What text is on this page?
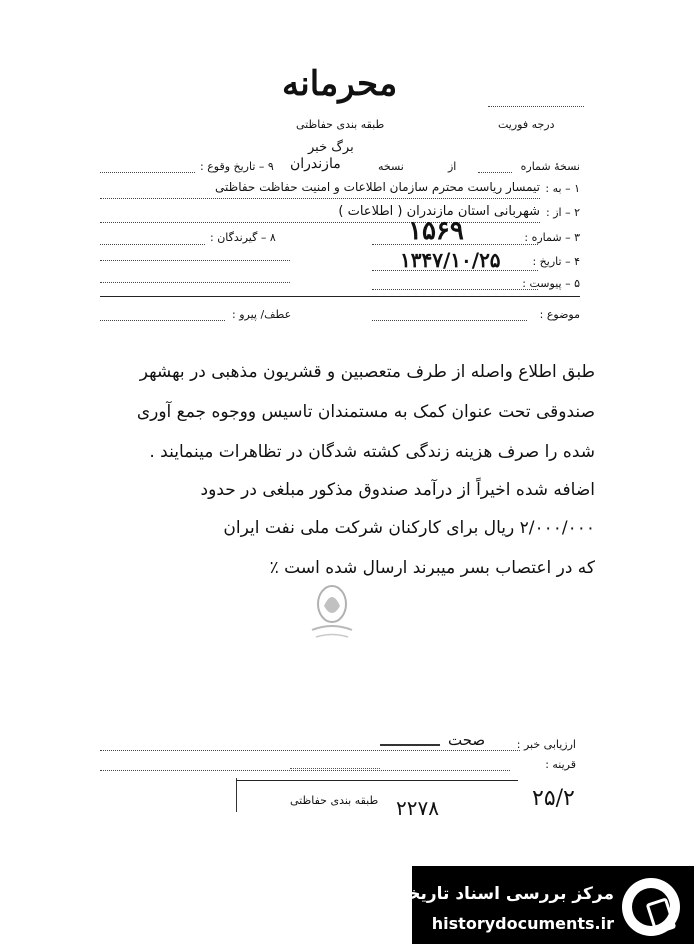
محرمانه
طبقه بندی حفاظتی	درجه فوریت
برگ خبر
نسخهٔ شماره
از
نسخه
مازندران
۹ – تاریخ وقوع :
۱ – به :
تیمسار ریاست محترم سازمان اطلاعات و امنیت حفاظت حفاظتی
۲ – از :
شهربانی استان مازندران ( اطلاعات )
۳ – شماره :
۱۵۶۹
۸ – گیرندگان :
۴ – تاریخ :
۱۳۴۷/۱۰/۲۵
۵ – پیوست :
موضوع :
عطف/ پیرو :
طبق اطلاع واصله از طرف متعصبین و قشریون مذهبی در بهشهر
صندوقی تحت عنوان کمک به مستمندان تاسیس ووجوه جمع آوری
شده را صرف هزینه زندگی کشته شدگان در تظاهرات مینمایند .
اضافه شده اخیراً از درآمد صندوق مذکور مبلغی در حدود
۲/۰۰۰/۰۰۰ ریال برای کارکنان شرکت ملی نفت ایران
که در اعتصاب بسر میبرند ارسال شده است ٪
ارزیابی خبر :
صحت
قرینه :
طبقه بندی حفاظتی ۲۲۷۸	۲۵/۲
مرکز بررسی اسناد تاریخی
historydocuments.ir
